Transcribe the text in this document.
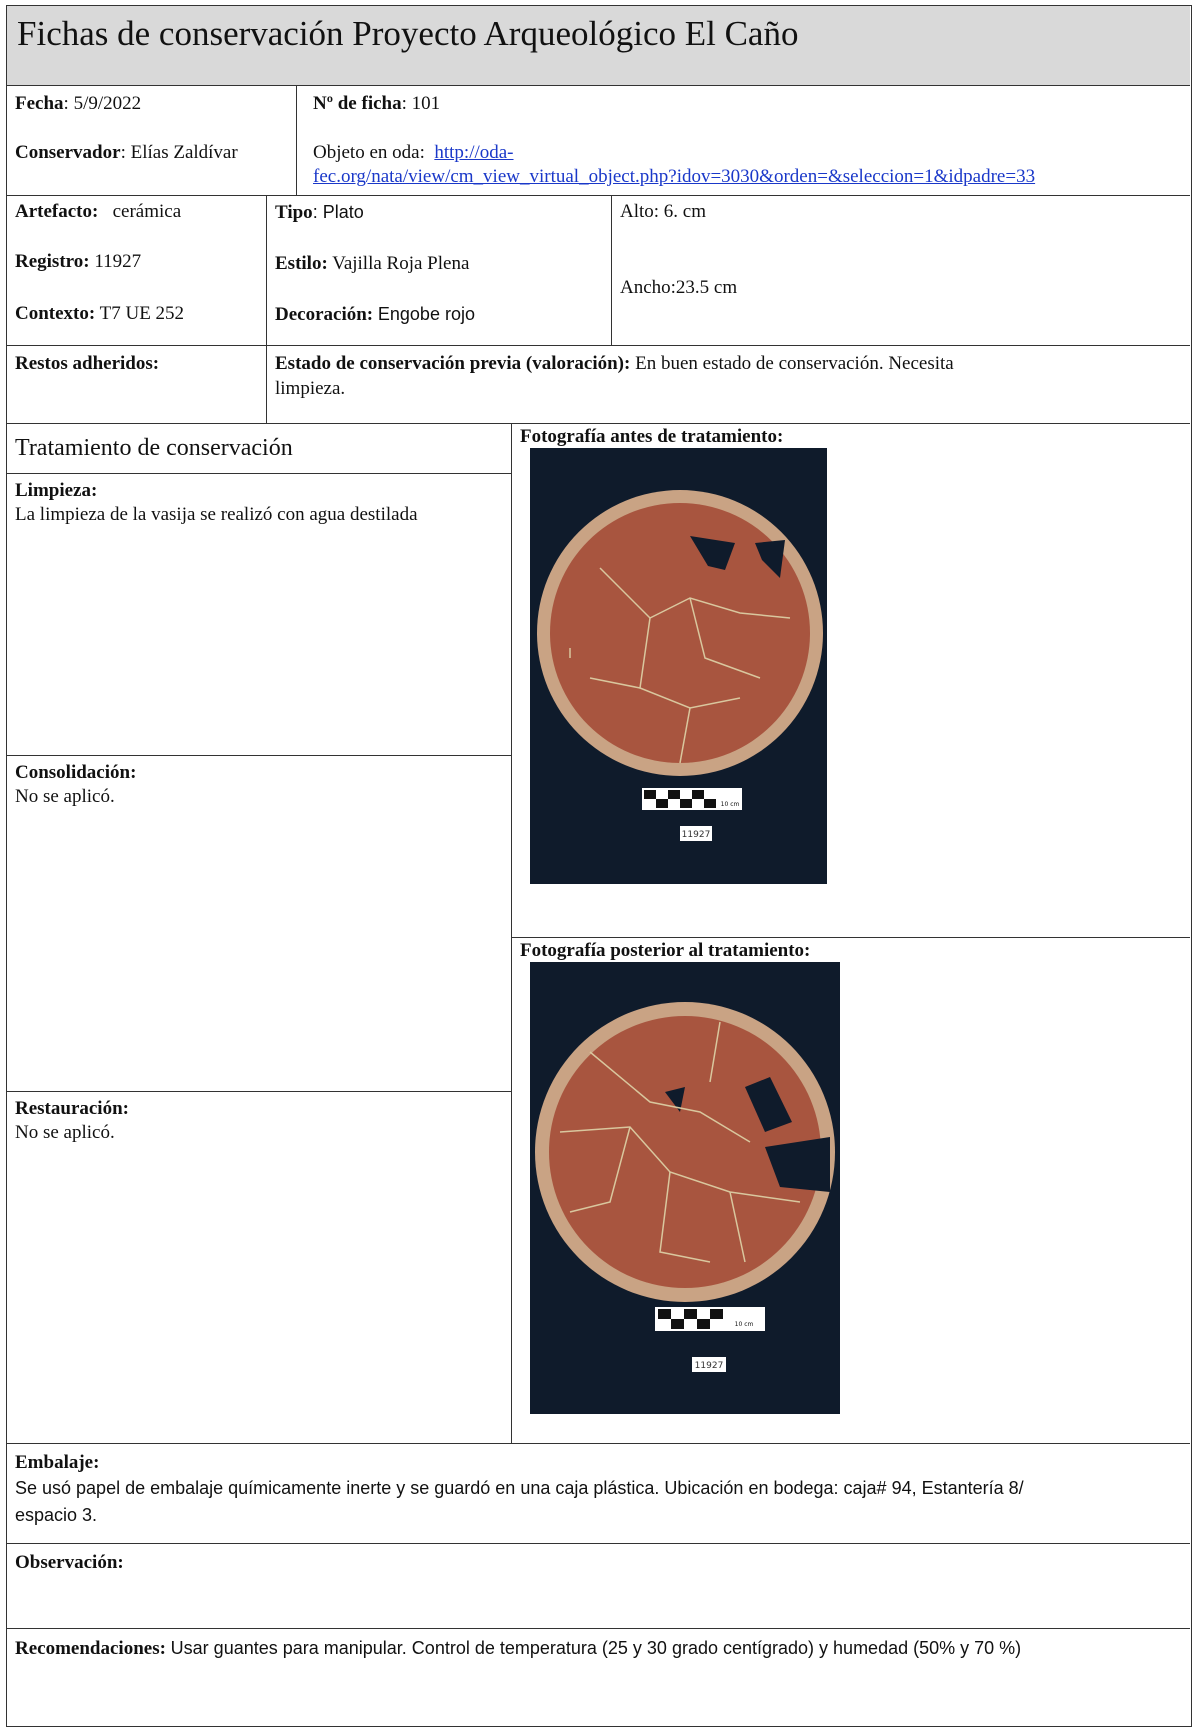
Fichas de conservación Proyecto Arqueológico El Caño
Fecha: 5/9/2022
Conservador: Elías Zaldívar
Nº de ficha: 101
Objeto en oda: http://oda-
fec.org/nata/view/cm_view_virtual_object.php?idov=3030&orden=&seleccion=1&idpadre=33
Artefacto: cerámica
Registro: 11927
Contexto: T7 UE 252
Tipo: Plato
Estilo: Vajilla Roja Plena
Decoración: Engobe rojo
Alto: 6. cm
Ancho:23.5 cm
Restos adheridos:	Estado de conservación previa (valoración): En buen estado de conservación. Necesita
limpieza.
Tratamiento de conservación
Limpieza:
La limpieza de la vasija se realizó con agua destilada
Consolidación:
No se aplicó.
Restauración:
No se aplicó.
Fotografía antes de tratamiento:
10 cm
11927
Fotografía posterior al tratamiento:
10 cm
11927
Embalaje:
Se usó papel de embalaje químicamente inerte y se guardó en una caja plástica. Ubicación en bodega: caja# 94, Estantería 8/
espacio 3.
Observación:
Recomendaciones: Usar guantes para manipular. Control de temperatura (25 y 30 grado centígrado) y humedad (50% y 70 %)
